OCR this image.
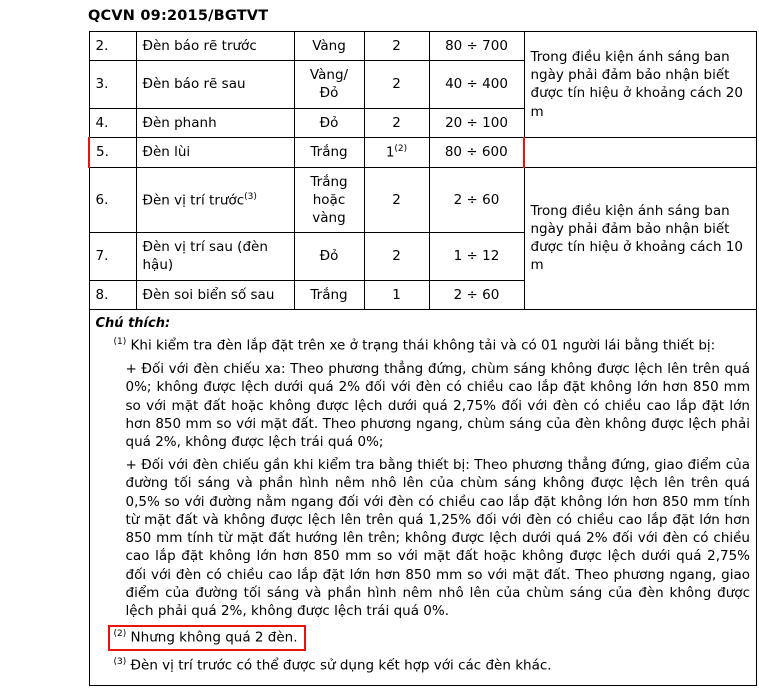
QCVN 09:2015/BGTVT
2.	Đèn báo rẽ trước	Vàng	2	80 ÷ 700	Trong điều kiện ánh sáng ban ngày phải đảm bảo nhận biết được tín hiệu ở khoảng cách 20 m
3.	Đèn báo rẽ sau	Vàng/ Đỏ	2	40 ÷ 400	
4.	Đèn phanh	Đỏ	2	20 ÷ 100	
5.	Đèn lùi	Trắng	1$^{(2)}$	80 ÷ 600	
6.	Đèn vị trí trước$^{(3)}$	Trắng hoặc vàng	2	2 ÷ 60	Trong điều kiện ánh sáng ban ngày phải đảm bảo nhận biết được tín hiệu ở khoảng cách 10 m
7.	Đèn vị trí sau (đèn hậu)	Đỏ	2	1 ÷ 12	
8.	Đèn soi biển số sau	Trắng	1	2 ÷ 60	

Chú thích:

$^{(1)}$ Khi kiểm tra đèn lắp đặt trên xe ở trạng thái không tải và có 01 người lái bằng thiết bị:

+ Đối với đèn chiếu xa: Theo phương thẳng đứng, chùm sáng không được lệch lên trên quá 0%; không được lệch dưới quá 2% đối với đèn có chiều cao lắp đặt không lớn hơn 850 mm so với mặt đất hoặc không được lệch dưới quá 2,75% đối với đèn có chiều cao lắp đặt lớn hơn 850 mm so với mặt đất. Theo phương ngang, chùm sáng của đèn không được lệch phải quá 2%, không được lệch trái quá 0%;

+ Đối với đèn chiếu gần khi kiểm tra bằng thiết bị: Theo phương thẳng đứng, giao điểm của đường tối sáng và phần hình nêm nhô lên của chùm sáng không được lệch lên trên quá 0,5% so với đường nằm ngang đối với đèn có chiều cao lắp đặt không lớn hơn 850 mm tính từ mặt đất và không được lệch lên trên quá 1,25% đối với đèn có chiều cao lắp đặt lớn hơn 850 mm tính từ mặt đất hướng lên trên; không được lệch dưới quá 2% đối với đèn có chiều cao lắp đặt không lớn hơn 850 mm so với mặt đất hoặc không được lệch dưới quá 2,75% đối với đèn có chiều cao lắp đặt lớn hơn 850 mm so với mặt đất. Theo phương ngang, giao điểm của đường tối sáng và phần hình nêm nhô lên của chùm sáng của đèn không được lệch phải quá 2%, không được lệch trái quá 0%.

$^{(2)}$ Nhưng không quá 2 đèn.

$^{(3)}$ Đèn vị trí trước có thể được sử dụng kết hợp với các đèn khác.
